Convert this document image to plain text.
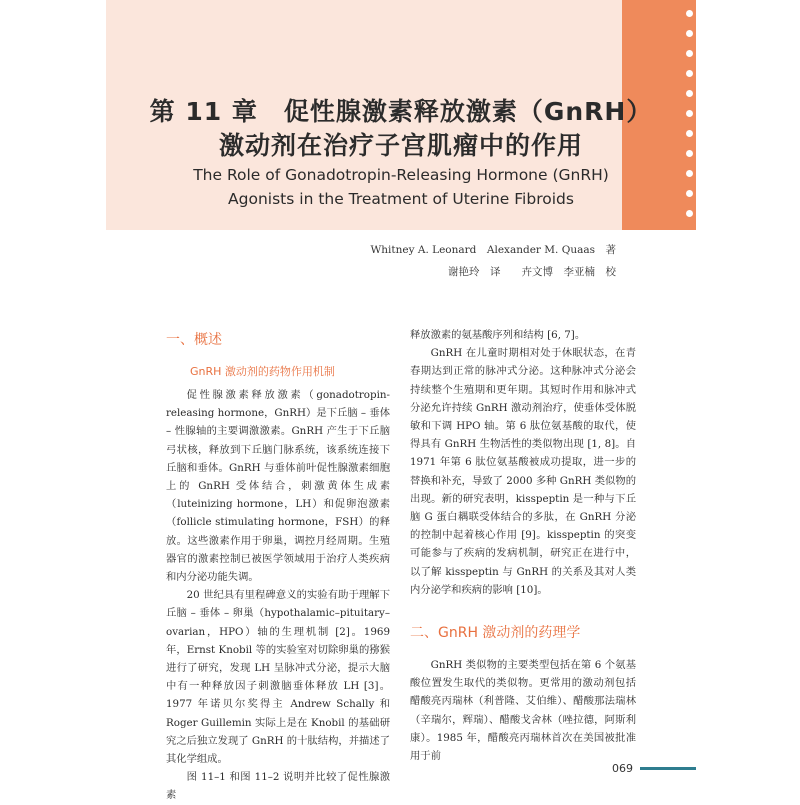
第 11 章　促性腺激素释放激素（GnRH）
激动剂在治疗子宫肌瘤中的作用
The Role of Gonadotropin-Releasing Hormone (GnRH)
Agonists in the Treatment of Uterine Fibroids
Whitney A. Leonard　Alexander M. Quaas　著
谢艳玲　译　　卉文博　李亚楠　校
一、概述
GnRH 激动剂的药物作用机制

促性腺激素释放激素（gonadotropin-releasing hormone，GnRH）是下丘脑 – 垂体 – 性腺轴的主要调激激素。GnRH 产生于下丘脑弓状核，释放到下丘脑门脉系统，该系统连接下丘脑和垂体。GnRH 与垂体前叶促性腺激素细胞上的 GnRH 受体结合，刺激黄体生成素（luteinizing hormone，LH）和促卵泡激素（follicle stimulating hormone，FSH）的释放。这些激素作用于卵巢，调控月经周期。生殖器官的激素控制已被医学领域用于治疗人类疾病和内分泌功能失调。

20 世纪具有里程碑意义的实验有助于理解下丘脑 – 垂体 – 卵巢（hypothalamic–pituitary–ovarian，HPO）轴的生理机制 [2]。1969 年，Ernst Knobil 等的实验室对切除卵巢的猕猴进行了研究，发现 LH 呈脉冲式分泌，提示大脑中有一种释放因子刺激脑垂体释放 LH [3]。1977 年诺贝尔奖得主 Andrew Schally 和 Roger Guillemin 实际上是在 Knobil 的基础研究之后独立发现了 GnRH 的十肽结构，并描述了其化学组成。

图 11–1 和图 11–2 说明并比较了促性腺激素

释放激素的氨基酸序列和结构 [6, 7]。

GnRH 在儿童时期相对处于休眠状态，在青春期达到正常的脉冲式分泌。这种脉冲式分泌会持续整个生殖期和更年期。其短时作用和脉冲式分泌允许持续 GnRH 激动剂治疗，使垂体受体脱敏和下调 HPO 轴。第 6 肽位氨基酸的取代，使得具有 GnRH 生物活性的类似物出现 [1, 8]。自 1971 年第 6 肽位氨基酸被成功提取，进一步的替换和补充，导致了 2000 多种 GnRH 类似物的出现。新的研究表明，kisspeptin 是一种与下丘脑 G 蛋白耦联受体结合的多肽，在 GnRH 分泌的控制中起着核心作用 [9]。kisspeptin 的突变可能参与了疾病的发病机制，研究正在进行中，以了解 kisspeptin 与 GnRH 的关系及其对人类内分泌学和疾病的影响 [10]。

二、GnRH 激动剂的药理学

GnRH 类似物的主要类型包括在第 6 个氨基酸位置发生取代的类似物。更常用的激动剂包括醋酸亮丙瑞林（利普隆、艾伯维）、醋酸那法瑞林（辛瑞尔，辉瑞）、醋酸戈舍林（唑拉德，阿斯利康）。1985 年，醋酸亮丙瑞林首次在美国被批准用于前

069
